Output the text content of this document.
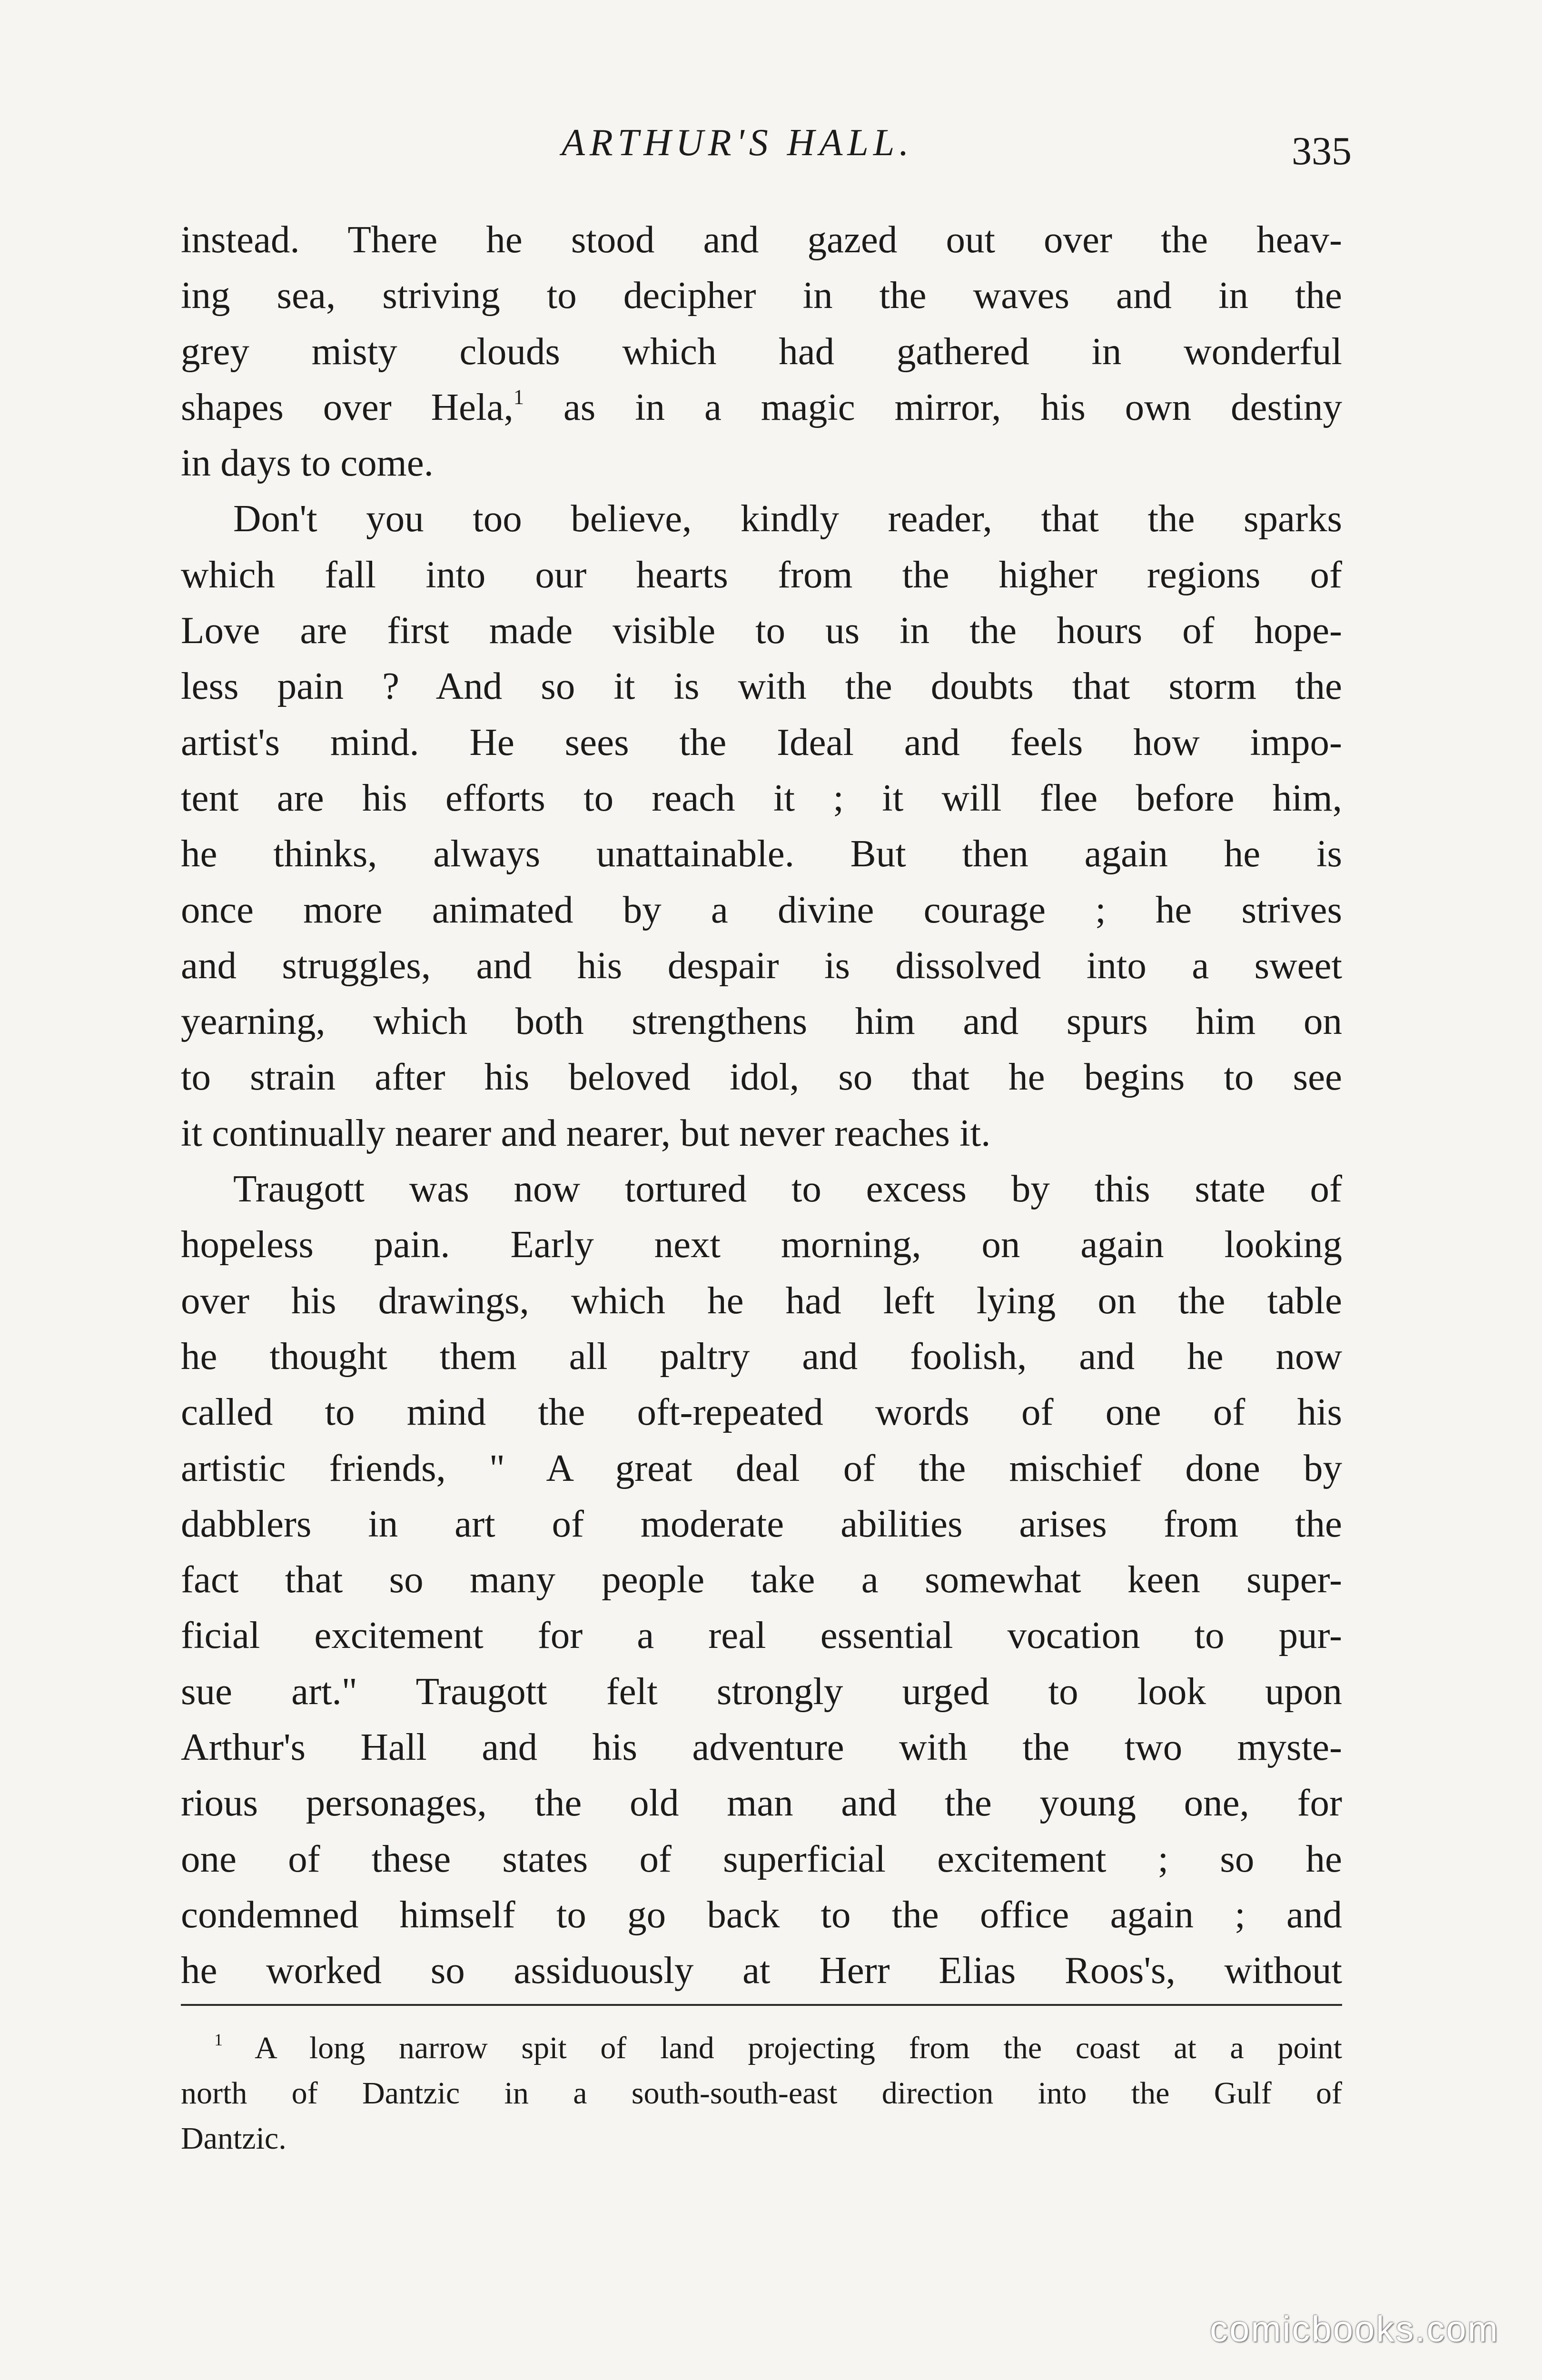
ARTHUR'S HALL.	335
instead. There he stood and gazed out over the heav-
ing sea, striving to decipher in the waves and in the
grey misty clouds which had gathered in wonderful
shapes over Hela,$^1$ as in a magic mirror, his own destiny
in days to come.
Don't you too believe, kindly reader, that the sparks
which fall into our hearts from the higher regions of
Love are first made visible to us in the hours of hope-
less pain ? And so it is with the doubts that storm the
artist's mind. He sees the Ideal and feels how impo-
tent are his efforts to reach it ; it will flee before him,
he thinks, always unattainable. But then again he is
once more animated by a divine courage ; he strives
and struggles, and his despair is dissolved into a sweet
yearning, which both strengthens him and spurs him on
to strain after his beloved idol, so that he begins to see
it continually nearer and nearer, but never reaches it.
Traugott was now tortured to excess by this state of
hopeless pain. Early next morning, on again looking
over his drawings, which he had left lying on the table
he thought them all paltry and foolish, and he now
called to mind the oft-repeated words of one of his
artistic friends, " A great deal of the mischief done by
dabblers in art of moderate abilities arises from the
fact that so many people take a somewhat keen super-
ficial excitement for a real essential vocation to pur-
sue art." Traugott felt strongly urged to look upon
Arthur's Hall and his adventure with the two myste-
rious personages, the old man and the young one, for
one of these states of superficial excitement ; so he
condemned himself to go back to the office again ; and
he worked so assiduously at Herr Elias Roos's, without
$^1$ A long narrow spit of land projecting from the coast at a point
north of Dantzic in a south-south-east direction into the Gulf of
Dantzic.
comicbooks.com
